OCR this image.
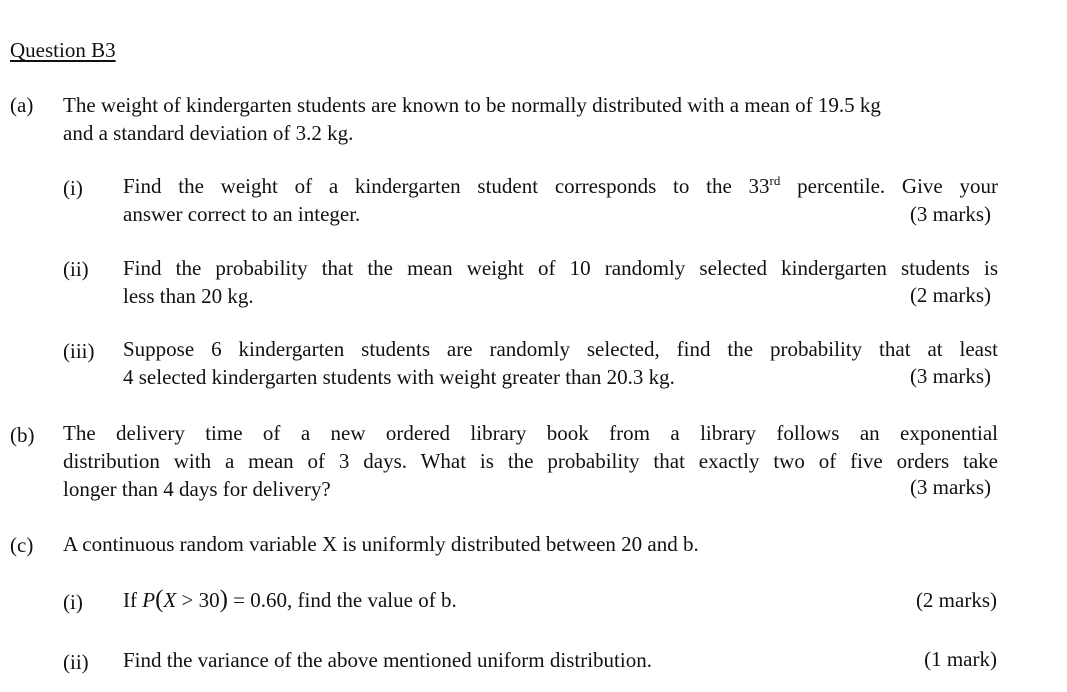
Question B3
(a) The weight of kindergarten students are known to be normally distributed with a mean of 19.5 kg
and a standard deviation of 3.2 kg.
(i) Find the weight of a kindergarten student corresponds to the 33rd percentile. Give your
answer correct to an integer.	(3 marks)
(ii) Find the probability that the mean weight of 10 randomly selected kindergarten students is
less than 20 kg.	(2 marks)
(iii) Suppose 6 kindergarten students are randomly selected, find the probability that at least
4 selected kindergarten students with weight greater than 20.3 kg.	(3 marks)
(b) The delivery time of a new ordered library book from a library follows an exponential
distribution with a mean of 3 days. What is the probability that exactly two of five orders take
longer than 4 days for delivery?	(3 marks)
(c) A continuous random variable X is uniformly distributed between 20 and b.
(i) If P(X > 30) = 0.60, find the value of b.	(2 marks)
(ii) Find the variance of the above mentioned uniform distribution.	(1 mark)
